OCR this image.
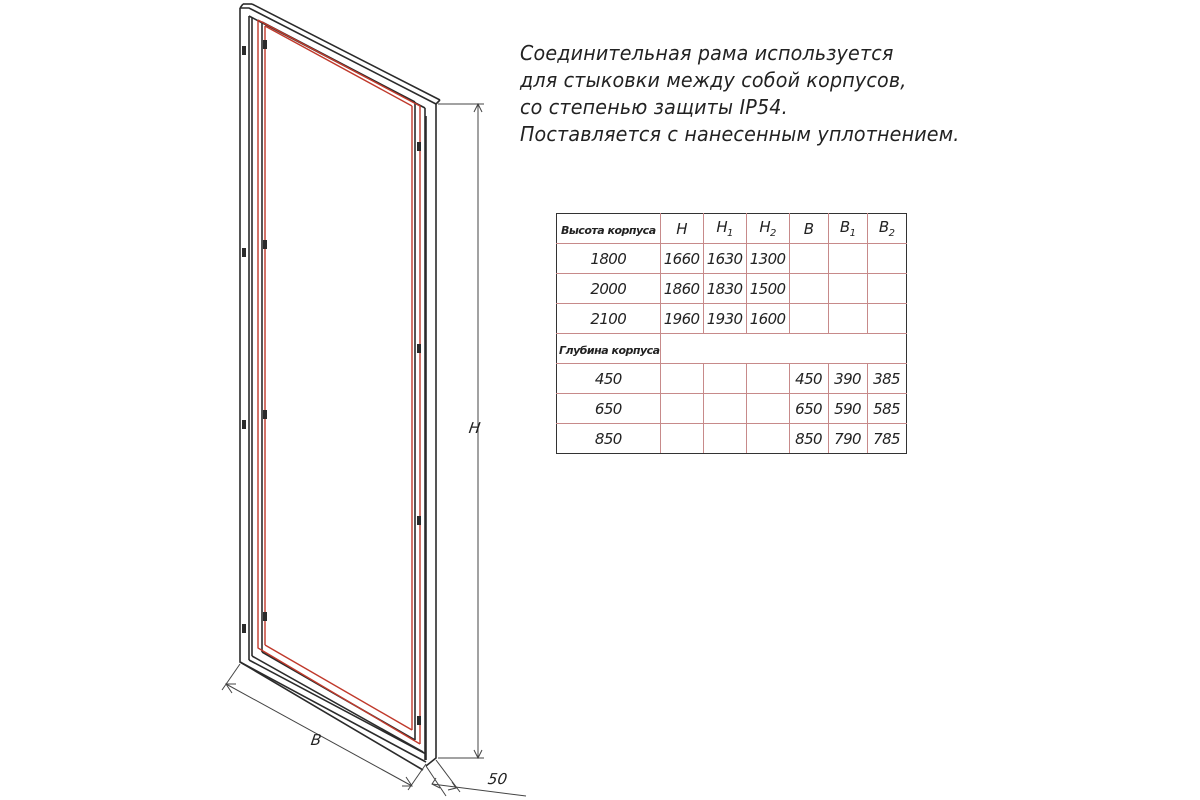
H
B
50
Соединительная рама используется
для стыковки между собой корпусов,
со степенью защиты IP54.
Поставляется с нанесенным уплотнением.
Высота корпуса	H	$H_1$	$H_2$	B	$B_1$	$B_2$
1800	1660	1630	1300			
2000	1860	1830	1500			
2100	1960	1930	1600			
Глубина корпуса						
450				450	390	385
650				650	590	585
850				850	790	785
